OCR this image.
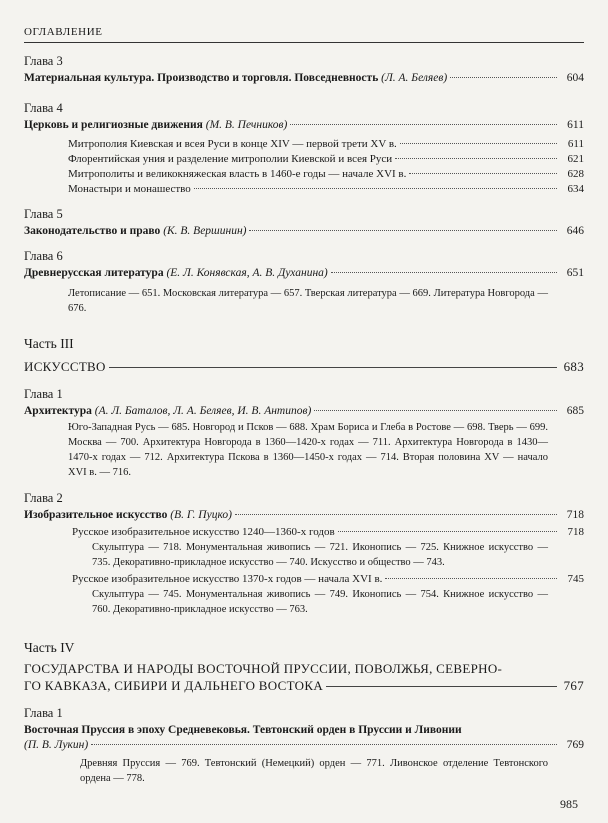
ОГЛАВЛЕНИЕ
Глава 3
Материальная культура. Производство и торговля. Повседневность (Л. А. Беляев)	604
Глава 4
Церковь и религиозные движения (М. В. Печников)	611
Митрополия Киевская и всея Руси в конце XIV — первой трети XV в.	611
Флорентийская уния и разделение митрополии Киевской и всея Руси	621
Митрополиты и великокняжеская власть в 1460-е годы — начале XVI в.	628
Монастыри и монашество	634
Глава 5
Законодательство и право (К. В. Вершинин)	646
Глава 6
Древнерусская литература (Е. Л. Конявская, А. В. Духанина)	651
Летописание — 651. Московская литература — 657. Тверская литература — 669. Литература Новгорода — 676.
Часть III
ИСКУССТВО	683
Глава 1
Архитектура (А. Л. Баталов, Л. А. Беляев, И. В. Антипов)	685
Юго-Западная Русь — 685. Новгород и Псков — 688. Храм Бориса и Глеба в Ростове — 698. Тверь — 699. Москва — 700. Архитектура Новгорода в 1360—1420-х годах — 711. Архитектура Новгорода в 1430—1470-х годах — 712. Архитектура Пскова в 1360—1450-х годах — 714. Вторая половина XV — начало XVI в. — 716.
Глава 2
Изобразительное искусство (В. Г. Пуцко)	718
Русское изобразительное искусство 1240—1360-х годов	718
Скульптура — 718. Монументальная живопись — 721. Иконопись — 725. Книжное искусство — 735. Декоративно-прикладное искусство — 740. Искусство и общество — 743.
Русское изобразительное искусство 1370-х годов — начала XVI в.	745
Скульптура — 745. Монументальная живопись — 749. Иконопись — 754. Книжное искусство — 760. Декоративно-прикладное искусство — 763.
Часть IV
ГОСУДАРСТВА И НАРОДЫ ВОСТОЧНОЙ ПРУССИИ, ПОВОЛЖЬЯ, СЕВЕРНО-
ГО КАВКАЗА, СИБИРИ И ДАЛЬНЕГО ВОСТОКА	767
Глава 1
Восточная Пруссия в эпоху Средневековья. Тевтонский орден в Пруссии и Ливонии
(П. В. Лукин)	769
Древняя Пруссия — 769. Тевтонский (Немецкий) орден — 771. Ливонское отделение Тевтонского ордена — 778.
985
